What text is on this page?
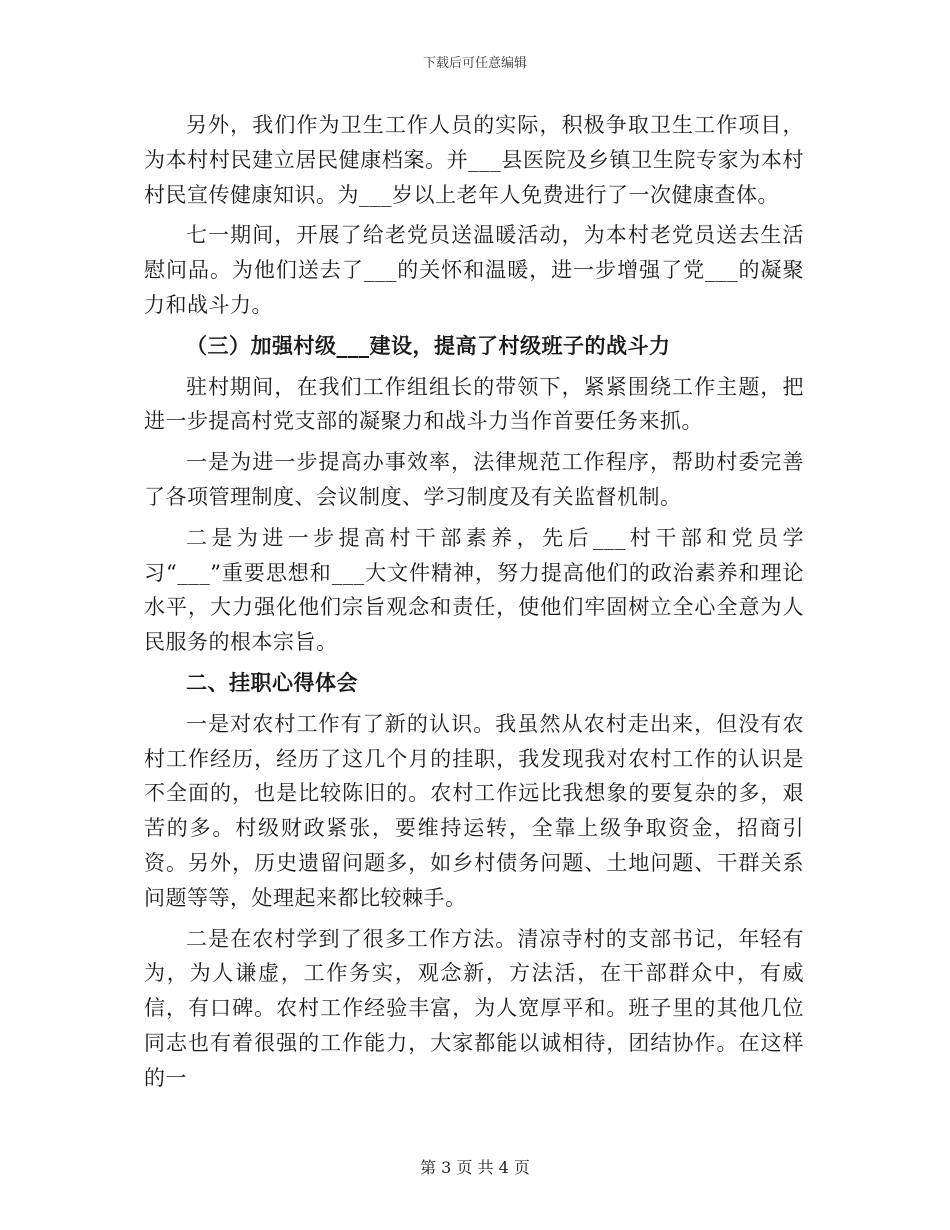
下载后可任意编辑

另外，我们作为卫生工作人员的实际，积极争取卫生工作项目，为本村村民建立居民健康档案。并___县医院及乡镇卫生院专家为本村村民宣传健康知识。为___岁以上老年人免费进行了一次健康查体。

七一期间，开展了给老党员送温暖活动，为本村老党员送去生活慰问品。为他们送去了___的关怀和温暖，进一步增强了党___的凝聚力和战斗力。

（三）加强村级___建设，提高了村级班子的战斗力

驻村期间，在我们工作组组长的带领下，紧紧围绕工作主题，把进一步提高村党支部的凝聚力和战斗力当作首要任务来抓。

一是为进一步提高办事效率，法律规范工作程序，帮助村委完善了各项管理制度、会议制度、学习制度及有关监督机制。

二是为进一步提高村干部素养，先后___村干部和党员学习“___”重要思想和___大文件精神，努力提高他们的政治素养和理论水平，大力强化他们宗旨观念和责任，使他们牢固树立全心全意为人民服务的根本宗旨。

二、挂职心得体会

一是对农村工作有了新的认识。我虽然从农村走出来，但没有农村工作经历，经历了这几个月的挂职，我发现我对农村工作的认识是不全面的，也是比较陈旧的。农村工作远比我想象的要复杂的多，艰苦的多。村级财政紧张，要维持运转，全靠上级争取资金，招商引资。另外，历史遗留问题多，如乡村债务问题、土地问题、干群关系问题等等，处理起来都比较棘手。

二是在农村学到了很多工作方法。清凉寺村的支部书记，年轻有为，为人谦虚，工作务实，观念新，方法活，在干部群众中，有威信，有口碑。农村工作经验丰富，为人宽厚平和。班子里的其他几位同志也有着很强的工作能力，大家都能以诚相待，团结协作。在这样的一

第 3 页 共 4 页
